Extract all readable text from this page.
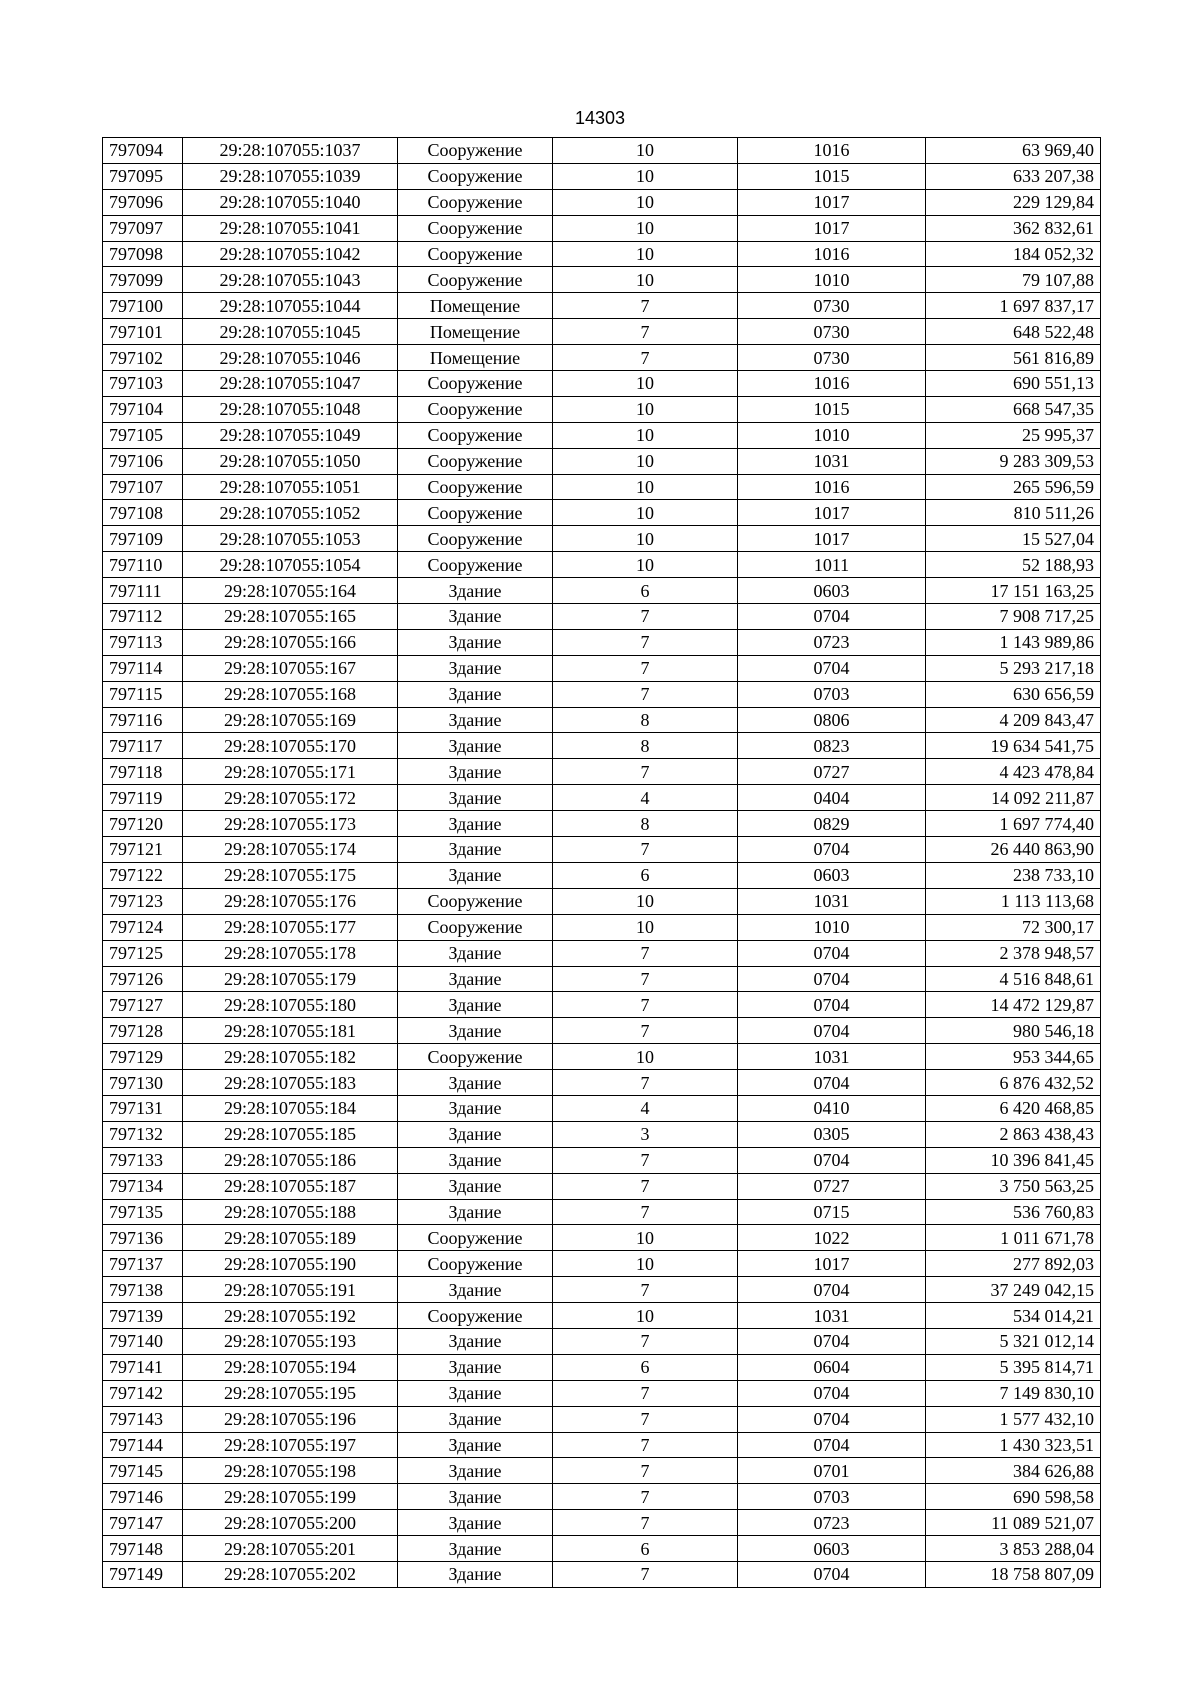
14303
797094	29:28:107055:1037	Сооружение	10	1016	63 969,40
797095	29:28:107055:1039	Сооружение	10	1015	633 207,38
797096	29:28:107055:1040	Сооружение	10	1017	229 129,84
797097	29:28:107055:1041	Сооружение	10	1017	362 832,61
797098	29:28:107055:1042	Сооружение	10	1016	184 052,32
797099	29:28:107055:1043	Сооружение	10	1010	79 107,88
797100	29:28:107055:1044	Помещение	7	0730	1 697 837,17
797101	29:28:107055:1045	Помещение	7	0730	648 522,48
797102	29:28:107055:1046	Помещение	7	0730	561 816,89
797103	29:28:107055:1047	Сооружение	10	1016	690 551,13
797104	29:28:107055:1048	Сооружение	10	1015	668 547,35
797105	29:28:107055:1049	Сооружение	10	1010	25 995,37
797106	29:28:107055:1050	Сооружение	10	1031	9 283 309,53
797107	29:28:107055:1051	Сооружение	10	1016	265 596,59
797108	29:28:107055:1052	Сооружение	10	1017	810 511,26
797109	29:28:107055:1053	Сооружение	10	1017	15 527,04
797110	29:28:107055:1054	Сооружение	10	1011	52 188,93
797111	29:28:107055:164	Здание	6	0603	17 151 163,25
797112	29:28:107055:165	Здание	7	0704	7 908 717,25
797113	29:28:107055:166	Здание	7	0723	1 143 989,86
797114	29:28:107055:167	Здание	7	0704	5 293 217,18
797115	29:28:107055:168	Здание	7	0703	630 656,59
797116	29:28:107055:169	Здание	8	0806	4 209 843,47
797117	29:28:107055:170	Здание	8	0823	19 634 541,75
797118	29:28:107055:171	Здание	7	0727	4 423 478,84
797119	29:28:107055:172	Здание	4	0404	14 092 211,87
797120	29:28:107055:173	Здание	8	0829	1 697 774,40
797121	29:28:107055:174	Здание	7	0704	26 440 863,90
797122	29:28:107055:175	Здание	6	0603	238 733,10
797123	29:28:107055:176	Сооружение	10	1031	1 113 113,68
797124	29:28:107055:177	Сооружение	10	1010	72 300,17
797125	29:28:107055:178	Здание	7	0704	2 378 948,57
797126	29:28:107055:179	Здание	7	0704	4 516 848,61
797127	29:28:107055:180	Здание	7	0704	14 472 129,87
797128	29:28:107055:181	Здание	7	0704	980 546,18
797129	29:28:107055:182	Сооружение	10	1031	953 344,65
797130	29:28:107055:183	Здание	7	0704	6 876 432,52
797131	29:28:107055:184	Здание	4	0410	6 420 468,85
797132	29:28:107055:185	Здание	3	0305	2 863 438,43
797133	29:28:107055:186	Здание	7	0704	10 396 841,45
797134	29:28:107055:187	Здание	7	0727	3 750 563,25
797135	29:28:107055:188	Здание	7	0715	536 760,83
797136	29:28:107055:189	Сооружение	10	1022	1 011 671,78
797137	29:28:107055:190	Сооружение	10	1017	277 892,03
797138	29:28:107055:191	Здание	7	0704	37 249 042,15
797139	29:28:107055:192	Сооружение	10	1031	534 014,21
797140	29:28:107055:193	Здание	7	0704	5 321 012,14
797141	29:28:107055:194	Здание	6	0604	5 395 814,71
797142	29:28:107055:195	Здание	7	0704	7 149 830,10
797143	29:28:107055:196	Здание	7	0704	1 577 432,10
797144	29:28:107055:197	Здание	7	0704	1 430 323,51
797145	29:28:107055:198	Здание	7	0701	384 626,88
797146	29:28:107055:199	Здание	7	0703	690 598,58
797147	29:28:107055:200	Здание	7	0723	11 089 521,07
797148	29:28:107055:201	Здание	6	0603	3 853 288,04
797149	29:28:107055:202	Здание	7	0704	18 758 807,09
